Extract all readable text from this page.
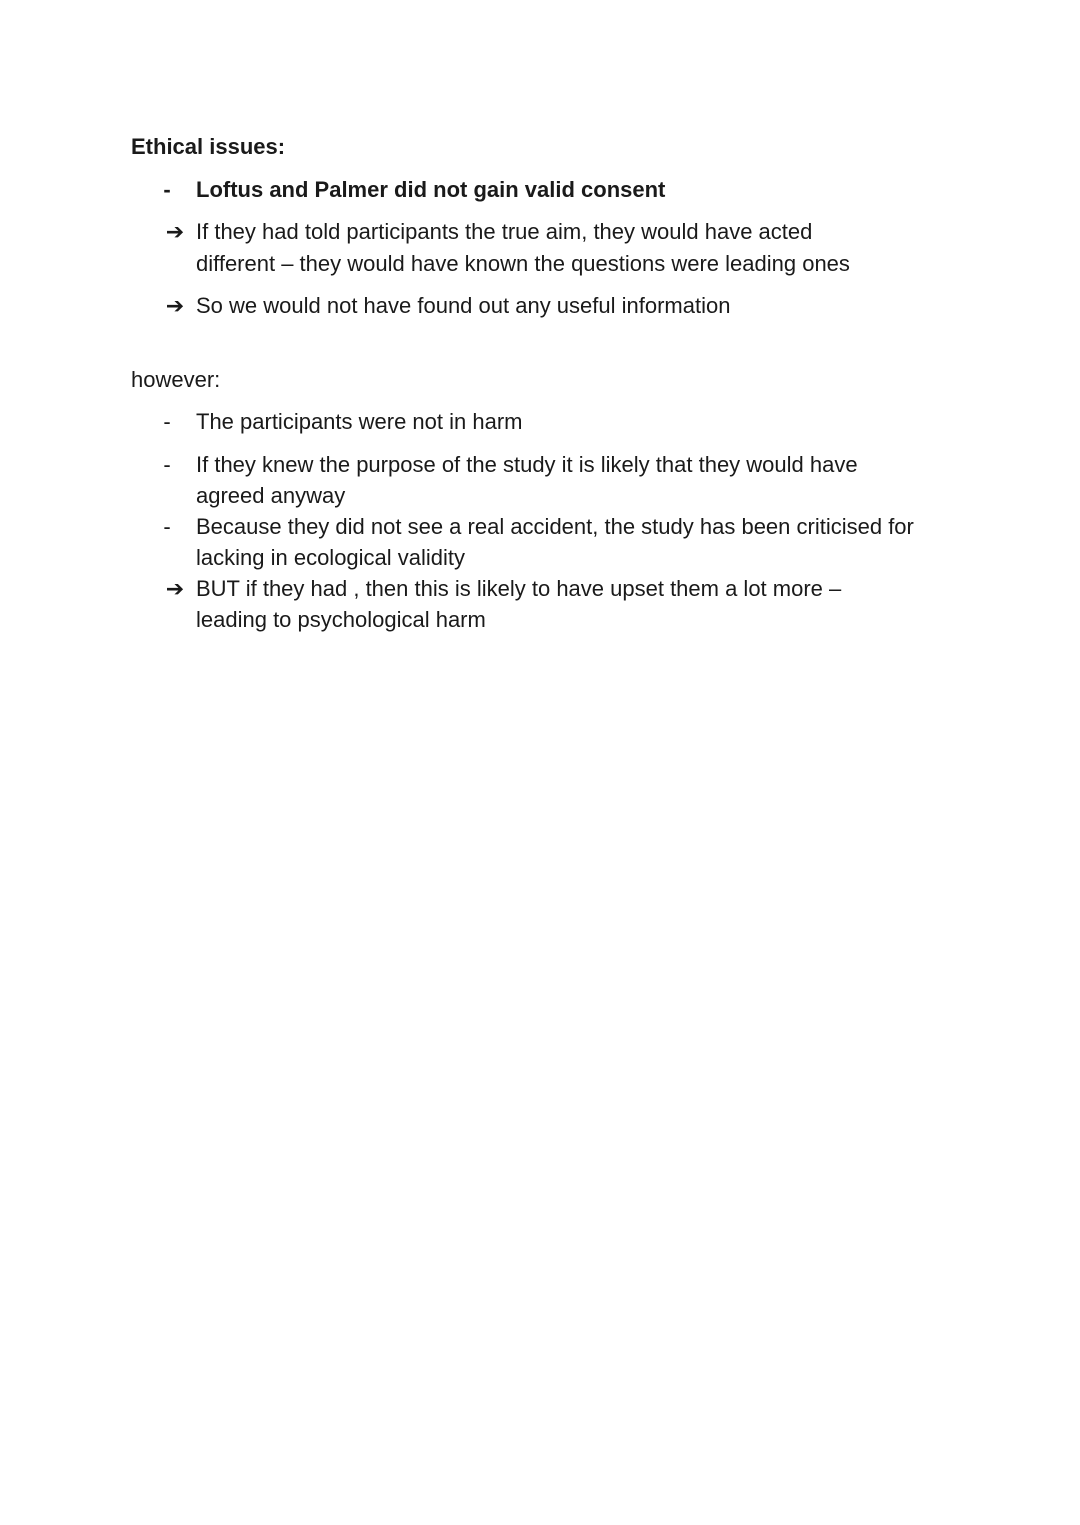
Ethical issues:
-	Loftus and Palmer did not gain valid consent
➔ If they had told participants the true aim, they would have acted
different – they would have known the questions were leading ones
➔ So we would not have found out any useful information
however:
-	The participants were not in harm
-	If they knew the purpose of the study it is likely that they would have
agreed anyway
-	Because they did not see a real accident, the study has been criticised for
lacking in ecological validity
➔ BUT if they had , then this is likely to have upset them a lot more –
leading to psychological harm
